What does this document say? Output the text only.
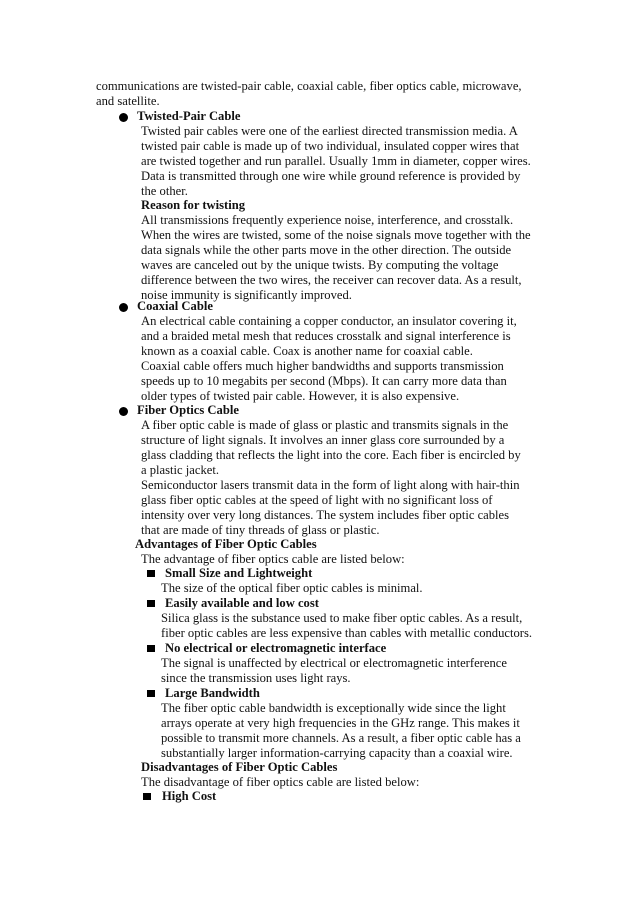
communications are twisted-pair cable, coaxial cable, fiber optics cable, microwave,
and satellite.
Twisted-Pair Cable
Twisted pair cables were one of the earliest directed transmission media. A
twisted pair cable is made up of two individual, insulated copper wires that
are twisted together and run parallel. Usually 1mm in diameter, copper wires.
Data is transmitted through one wire while ground reference is provided by
the other.
Reason for twisting
All transmissions frequently experience noise, interference, and crosstalk.
When the wires are twisted, some of the noise signals move together with the
data signals while the other parts move in the other direction. The outside
waves are canceled out by the unique twists. By computing the voltage
difference between the two wires, the receiver can recover data. As a result,
noise immunity is significantly improved.
Coaxial Cable
An electrical cable containing a copper conductor, an insulator covering it,
and a braided metal mesh that reduces crosstalk and signal interference is
known as a coaxial cable. Coax is another name for coaxial cable.
Coaxial cable offers much higher bandwidths and supports transmission
speeds up to 10 megabits per second (Mbps). It can carry more data than
older types of twisted pair cable. However, it is also expensive.
Fiber Optics Cable
A fiber optic cable is made of glass or plastic and transmits signals in the
structure of light signals. It involves an inner glass core surrounded by a
glass cladding that reflects the light into the core. Each fiber is encircled by
a plastic jacket.
Semiconductor lasers transmit data in the form of light along with hair-thin
glass fiber optic cables at the speed of light with no significant loss of
intensity over very long distances. The system includes fiber optic cables
that are made of tiny threads of glass or plastic.
Advantages of Fiber Optic Cables
The advantage of fiber optics cable are listed below:
Small Size and Lightweight
The size of the optical fiber optic cables is minimal.
Easily available and low cost
Silica glass is the substance used to make fiber optic cables. As a result,
fiber optic cables are less expensive than cables with metallic conductors.
No electrical or electromagnetic interface
The signal is unaffected by electrical or electromagnetic interference
since the transmission uses light rays.
Large Bandwidth
The fiber optic cable bandwidth is exceptionally wide since the light
arrays operate at very high frequencies in the GHz range. This makes it
possible to transmit more channels. As a result, a fiber optic cable has a
substantially larger information-carrying capacity than a coaxial wire.
Disadvantages of Fiber Optic Cables
The disadvantage of fiber optics cable are listed below:
High Cost
